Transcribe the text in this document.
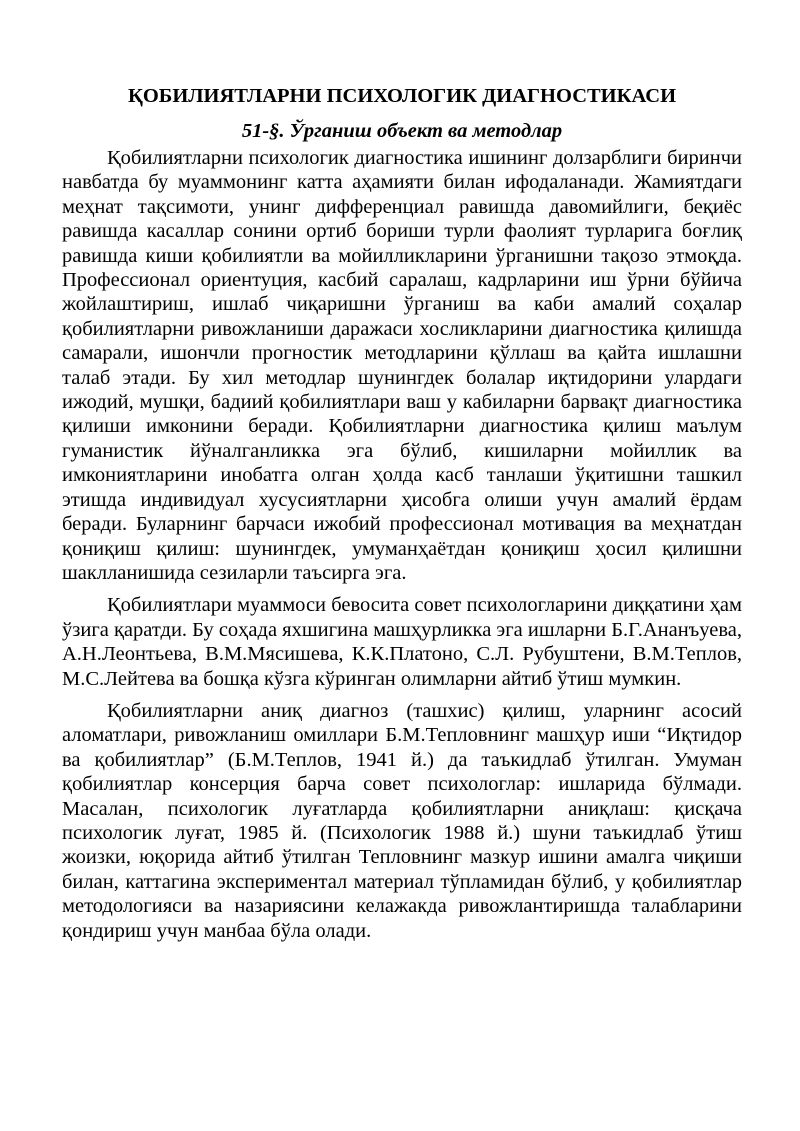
ҚОБИЛИЯТЛАРНИ ПСИХОЛОГИК ДИАГНОСТИКАСИ
51-§. Ўрганиш объект ва методлар

Қобилиятларни психологик диагностика ишининг долзарблиги биринчи навбатда бу муаммонинг катта аҳамияти билан ифодаланади. Жамиятдаги меҳнат тақсимоти, унинг дифференциал равишда давомийлиги, беқиёс равишда касаллар сонини ортиб бориши турли фаолият турларига боғлиқ равишда киши қобилиятли ва мойилликларини ўрганишни тақозо этмоқда. Профессионал ориентуция, касбий саралаш, кадрларини иш ўрни бўйича жойлаштириш, ишлаб чиқаришни ўрганиш ва каби амалий соҳалар қобилиятларни ривожланиши даражаси хосликларини диагностика қилишда самарали, ишончли прогностик методларини қўллаш ва қайта ишлашни талаб этади. Бу хил методлар шунингдек болалар иқтидорини улардаги ижодий, мушқи, бадиий қобилиятлари ваш у кабиларни барвақт диагностика қилиши имконини беради. Қобилиятларни диагностика қилиш маълум гуманистик йўналганликка эга бўлиб, кишиларни мойиллик ва имкониятларини инобатга олган ҳолда касб танлаши ўқитишни ташкил этишда индивидуал хусусиятларни ҳисобга олиши учун амалий ёрдам беради. Буларнинг барчаси ижобий профессионал мотивация ва меҳнатдан қониқиш қилиш: шунингдек, умуманҳаётдан қониқиш ҳосил қилишни шаклланишида сезиларли таъсирга эга.

Қобилиятлари муаммоси бевосита совет психологларини диққатини ҳам ўзига қаратди. Бу соҳада яхшигина машҳурликка эга ишларни Б.Г.Ананъуева, А.Н.Леонтьева, В.М.Мясишева, К.К.Платоно, С.Л. Рубуштени, В.М.Теплов, М.С.Лейтева ва бошқа кўзга кўринган олимларни айтиб ўтиш мумкин.

Қобилиятларни аниқ диагноз (ташхис) қилиш, уларнинг асосий аломатлари, ривожланиш омиллари Б.М.Тепловнинг машҳур иши “Иқтидор ва қобилиятлар” (Б.М.Теплов, 1941 й.) да таъкидлаб ўтилган. Умуман қобилиятлар консерция барча совет психологлар: ишларида бўлмади. Масалан, психологик луғатларда қобилиятларни аниқлаш: қисқача психологик луғат, 1985 й. (Психологик 1988 й.) шуни таъкидлаб ўтиш жоизки, юқорида айтиб ўтилган Тепловнинг мазкур ишини амалга чиқиши билан, каттагина экспериментал материал тўпламидан бўлиб, у қобилиятлар методологияси ва назариясини келажакда ривожлантиришда талабларини қондириш учун манбаа бўла олади.
